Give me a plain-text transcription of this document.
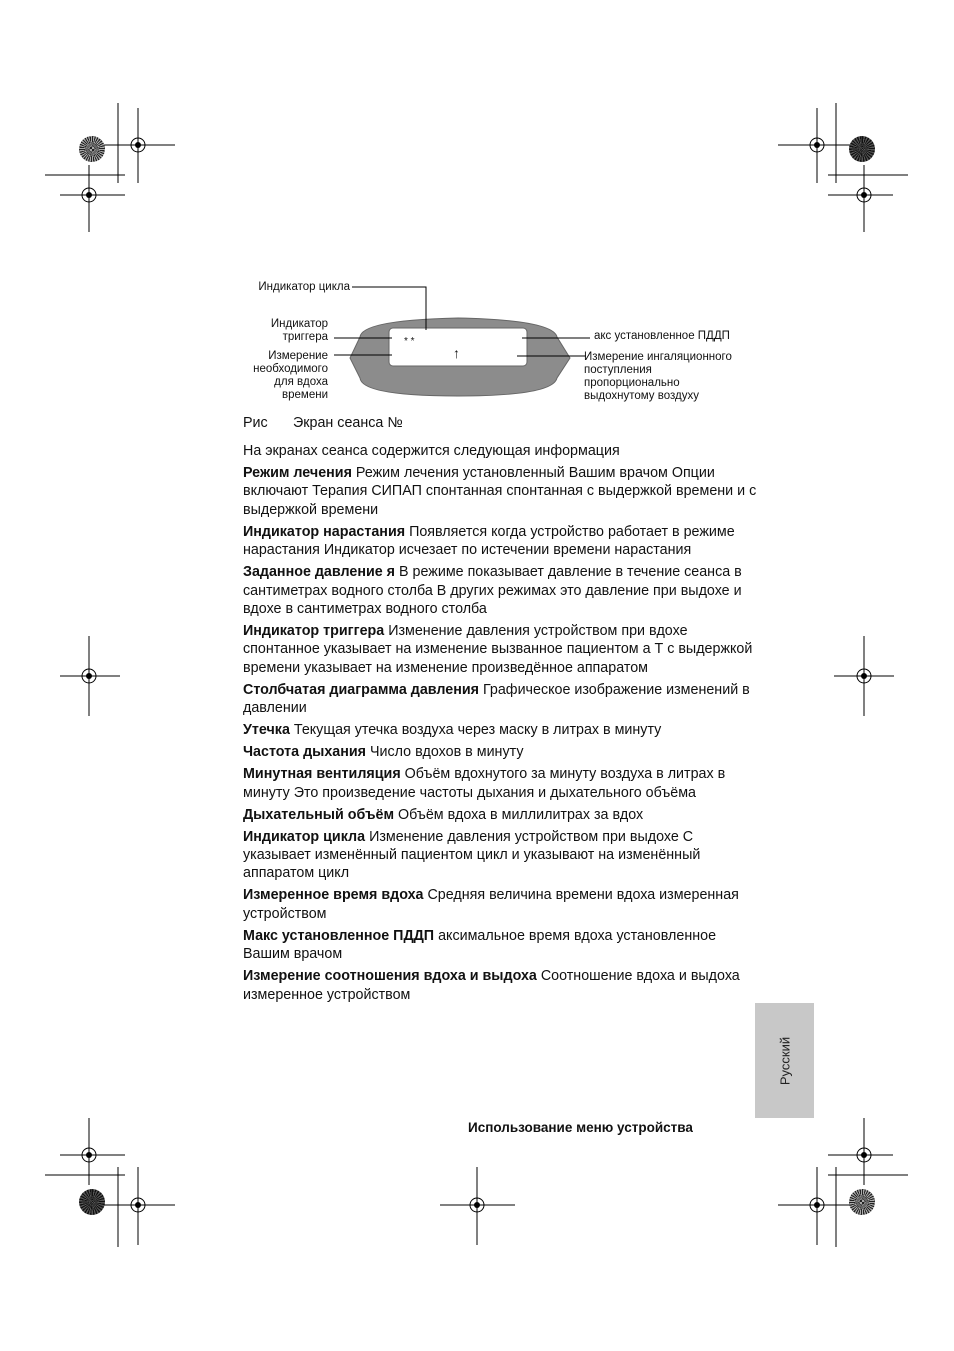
* *
↑
Индикатор цикла
Индикатор
триггера
Измерение
необходимого
для вдоха
времени
акс установленное ПДДП
Измерение ингаляционного
поступления
пропорционально
выдохнутому воздуху
Рис Экран сеанса №

На экранах сеанса содержится следующая информация

Режим лечения Режим лечения установленный Вашим врачом Опции включают Терапия СИПАП спонтанная спонтанная с выдержкой времени и с выдержкой времени

Индикатор нарастания Появляется когда устройство работает в режиме нарастания Индикатор исчезает по истечении времени нарастания

Заданное давление я В режиме показывает давление в течение сеанса в сантиметрах водного столба В других режимах это давление при выдохе и вдохе в сантиметрах водного столба

Индикатор триггера Изменение давления устройством при вдохе спонтанное указывает на изменение вызванное пациентом а Т с выдержкой времени указывает на изменение произведённое аппаратом

Столбчатая диаграмма давления Графическое изображение изменений в давлении

Утечка Текущая утечка воздуха через маску в литрах в минуту

Частота дыхания Число вдохов в минуту

Минутная вентиляция Объём вдохнутого за минуту воздуха в литрах в минуту Это произведение частоты дыхания и дыхательного объёма

Дыхательный объём Объём вдоха в миллилитрах за вдох

Индикатор цикла Изменение давления устройством при выдохе С указывает изменённый пациентом цикл и указывают на изменённый аппаратом цикл

Измеренное время вдоха Средняя величина времени вдоха измеренная устройством

Макс установленное ПДДП аксимальное время вдоха установленное Вашим врачом

Измерение соотношения вдоха и выдоха Соотношение вдоха и выдоха измеренное устройством

Русский
Использование меню устройства
